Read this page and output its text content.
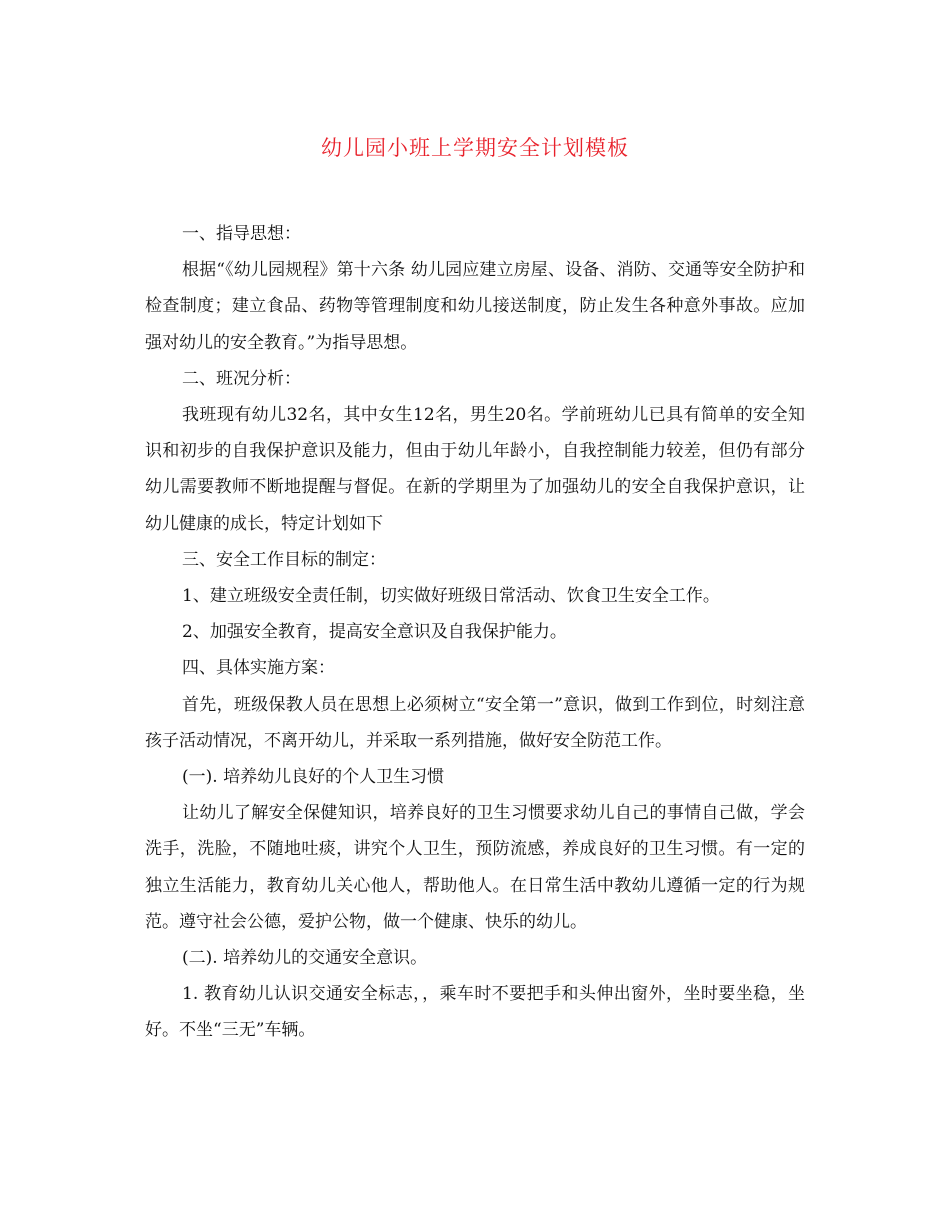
幼儿园小班上学期安全计划模板

一、指导思想：

根据“《幼儿园规程》第十六条 幼儿园应建立房屋、设备、消防、交通等安全防护和检查制度；建立食品、药物等管理制度和幼儿接送制度，防止发生各种意外事故。应加强对幼儿的安全教育。”为指导思想。

二、班况分析：

我班现有幼儿32名，其中女生12名，男生20名。学前班幼儿已具有简单的安全知识和初步的自我保护意识及能力，但由于幼儿年龄小，自我控制能力较差，但仍有部分幼儿需要教师不断地提醒与督促。在新的学期里为了加强幼儿的安全自我保护意识，让幼儿健康的成长，特定计划如下

三、安全工作目标的制定：

1、建立班级安全责任制，切实做好班级日常活动、饮食卫生安全工作。

2、加强安全教育，提高安全意识及自我保护能力。

四、具体实施方案：

首先，班级保教人员在思想上必须树立“安全第一”意识，做到工作到位，时刻注意孩子活动情况，不离开幼儿，并采取一系列措施，做好安全防范工作。

(一). 培养幼儿良好的个人卫生习惯

让幼儿了解安全保健知识，培养良好的卫生习惯要求幼儿自己的事情自己做，学会洗手，洗脸，不随地吐痰，讲究个人卫生，预防流感，养成良好的卫生习惯。有一定的独立生活能力，教育幼儿关心他人，帮助他人。在日常生活中教幼儿遵循一定的行为规范。遵守社会公德，爱护公物，做一个健康、快乐的幼儿。

(二). 培养幼儿的交通安全意识。

1. 教育幼儿认识交通安全标志，，乘车时不要把手和头伸出窗外，坐时要坐稳，坐好。不坐“三无”车辆。
